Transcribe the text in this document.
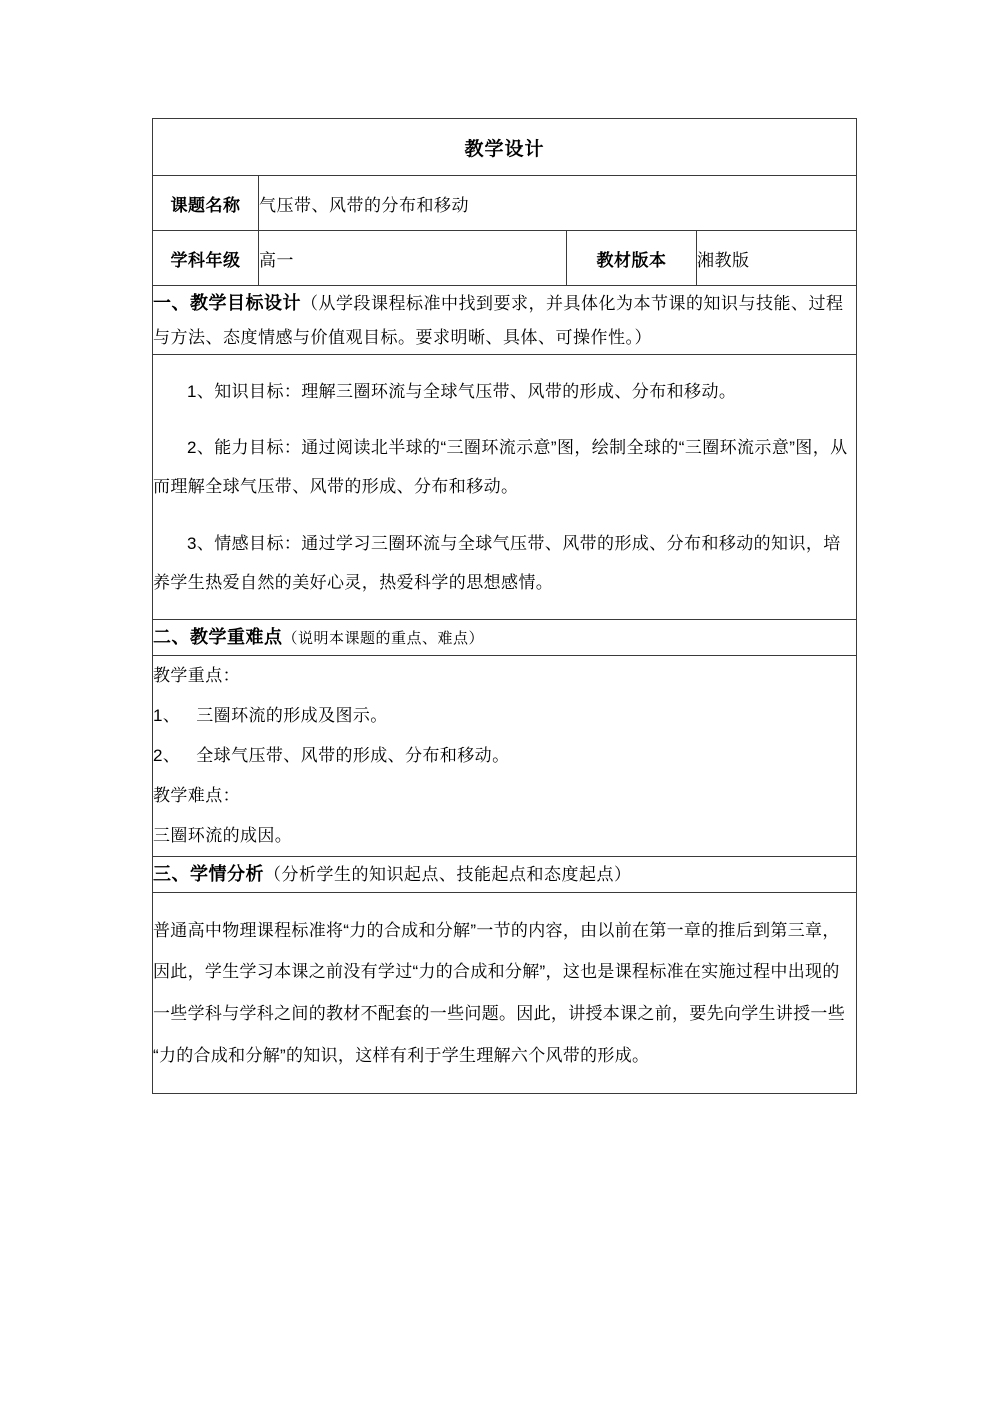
教学设计			
课题名称	气压带、风带的分布和移动		
学科年级	高一	教材版本	湘教版
一、教学目标设计（从学段课程标准中找到要求，并具体化为本节课的知识与技能、过程与方法、态度情感与价值观目标。要求明晰、具体、可操作性。）			

1、知识目标：理解三圈环流与全球气压带、风带的形成、分布和移动。

2、能力目标：通过阅读北半球的“三圈环流示意”图，绘制全球的“三圈环流示意”图，从而理解全球气压带、风带的形成、分布和移动。

3、情感目标：通过学习三圈环流与全球气压带、风带的形成、分布和移动的知识，培养学生热爱自然的美好心灵，热爱科学的思想感情。			

二、教学重难点（说明本课题的重点、难点）			

教学重点：

1、 三圈环流的形成及图示。

2、 全球气压带、风带的形成、分布和移动。

教学难点：

三圈环流的成因。			

三、学情分析（分析学生的知识起点、技能起点和态度起点）			

普通高中物理课程标准将“力的合成和分解”一节的内容，由以前在第一章的推后到第三章，因此，学生学习本课之前没有学过“力的合成和分解”，这也是课程标准在实施过程中出现的一些学科与学科之间的教材不配套的一些问题。因此，讲授本课之前，要先向学生讲授一些“力的合成和分解”的知识，这样有利于学生理解六个风带的形成。			
